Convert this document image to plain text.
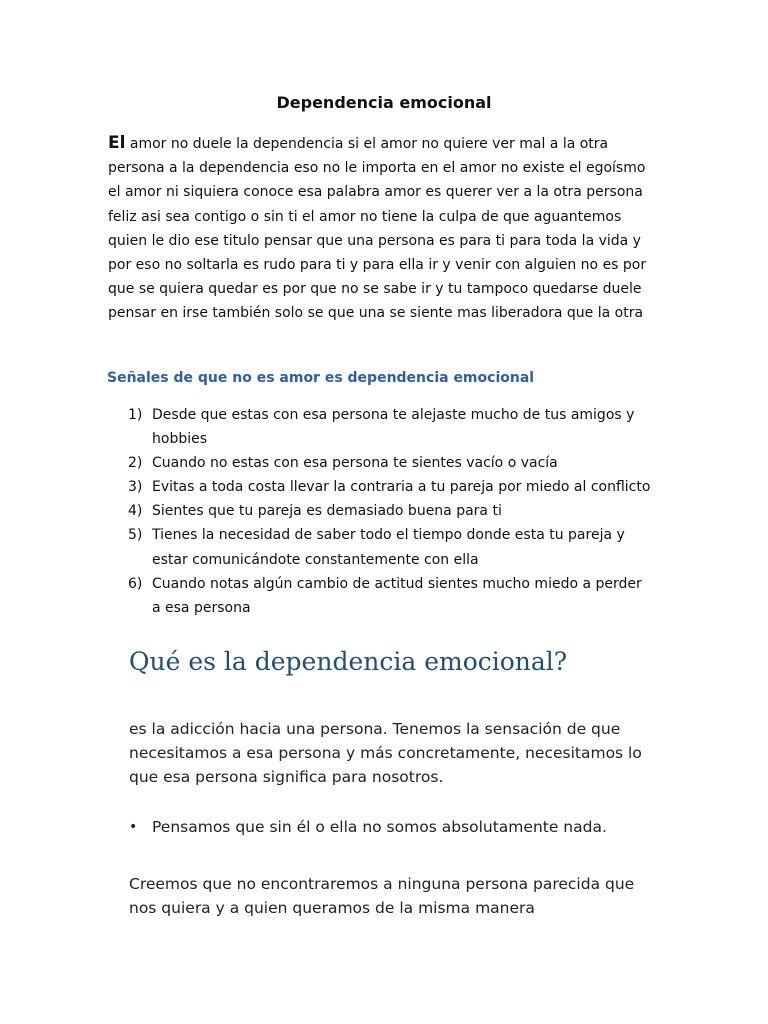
Dependencia emocional
El amor no duele la dependencia si el amor no quiere ver mal a la otra
persona a la dependencia eso no le importa en el amor no existe el egoísmo
el amor ni siquiera conoce esa palabra amor es querer ver a la otra persona
feliz asi sea contigo o sin ti el amor no tiene la culpa de que aguantemos
quien le dio ese titulo pensar que una persona es para ti para toda la vida y
por eso no soltarla es rudo para ti y para ella ir y venir con alguien no es por
que se quiera quedar es por que no se sabe ir y tu tampoco quedarse duele
pensar en irse también solo se que una se siente mas liberadora que la otra
Señales de que no es amor es dependencia emocional
1) Desde que estas con esa persona te alejaste mucho de tus amigos y
hobbies
2) Cuando no estas con esa persona te sientes vacío o vacía
3) Evitas a toda costa llevar la contraria a tu pareja por miedo al conflicto
4) Sientes que tu pareja es demasiado buena para ti
5) Tienes la necesidad de saber todo el tiempo donde esta tu pareja y
estar comunicándote constantemente con ella
6) Cuando notas algún cambio de actitud sientes mucho miedo a perder
a esa persona
Qué es la dependencia emocional?
es la adicción hacia una persona. Tenemos la sensación de que
necesitamos a esa persona y más concretamente, necesitamos lo
que esa persona significa para nosotros.
• Pensamos que sin él o ella no somos absolutamente nada.
Creemos que no encontraremos a ninguna persona parecida que
nos quiera y a quien queramos de la misma manera
